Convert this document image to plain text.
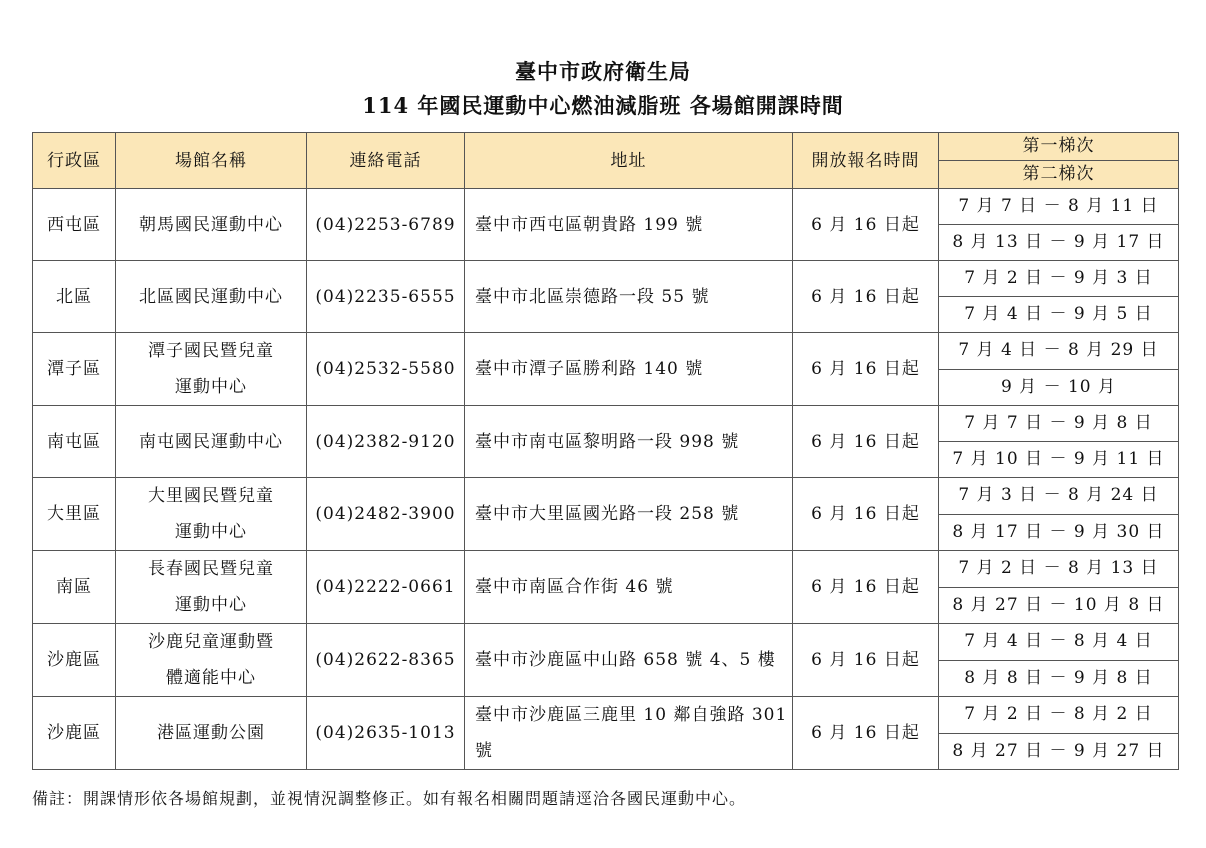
臺中市政府衛生局
114 年國民運動中心燃油減脂班 各場館開課時間
行政區	場館名稱	連絡電話	地址	開放報名時間	第一梯次
					第二梯次
西屯區	朝馬國民運動中心	(04)2253-6789	臺中市西屯區朝貴路 199 號	6 月 16 日起	7 月 7 日 － 8 月 11 日
					8 月 13 日 － 9 月 17 日
北區	北區國民運動中心	(04)2235-6555	臺中市北區崇德路一段 55 號	6 月 16 日起	7 月 2 日 － 9 月 3 日
					7 月 4 日 － 9 月 5 日
潭子區	潭子國民暨兒童
運動中心	(04)2532-5580	臺中市潭子區勝利路 140 號	6 月 16 日起	7 月 4 日 － 8 月 29 日
					9 月 － 10 月
南屯區	南屯國民運動中心	(04)2382-9120	臺中市南屯區黎明路一段 998 號	6 月 16 日起	7 月 7 日 － 9 月 8 日
					7 月 10 日 － 9 月 11 日
大里區	大里國民暨兒童
運動中心	(04)2482-3900	臺中市大里區國光路一段 258 號	6 月 16 日起	7 月 3 日 － 8 月 24 日
					8 月 17 日 － 9 月 30 日
南區	長春國民暨兒童
運動中心	(04)2222-0661	臺中市南區合作街 46 號	6 月 16 日起	7 月 2 日 － 8 月 13 日
					8 月 27 日 － 10 月 8 日
沙鹿區	沙鹿兒童運動暨
體適能中心	(04)2622-8365	臺中市沙鹿區中山路 658 號 4、5 樓	6 月 16 日起	7 月 4 日 － 8 月 4 日
					8 月 8 日 － 9 月 8 日
沙鹿區	港區運動公園	(04)2635-1013	臺中市沙鹿區三鹿里 10 鄰自強路 301 號	6 月 16 日起	7 月 2 日 － 8 月 2 日
					8 月 27 日 － 9 月 27 日
備註：開課情形依各場館規劃，並視情況調整修正。如有報名相關問題請逕洽各國民運動中心。
